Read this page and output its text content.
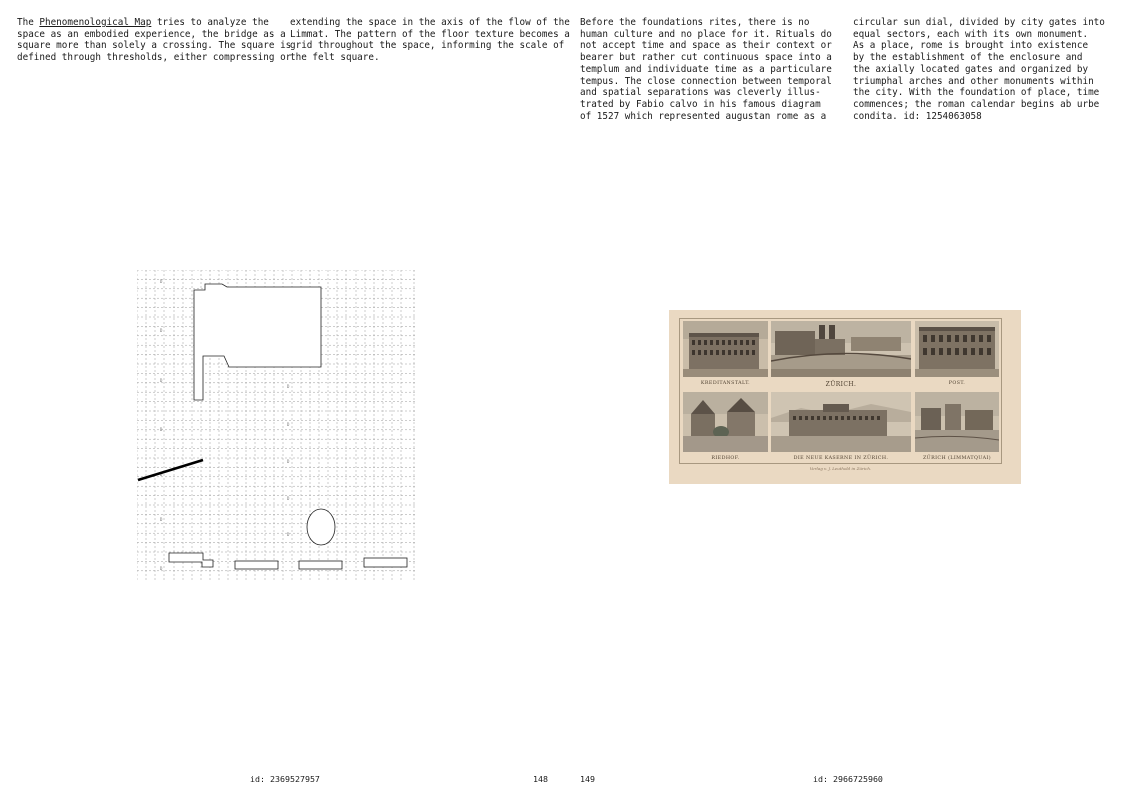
The Phenomenological Map tries to analyze the
space as an embodied experience, the bridge as a
square more than solely a crossing. The square is
defined through thresholds, either compressing or
extending the space in the axis of the flow of the
Limmat. The pattern of the floor texture becomes a
grid throughout the space, informing the scale of
the felt square.
Before the foundations rites, there is no
human culture and no place for it. Rituals do
not accept time and space as their context or
bearer but rather cut continuous space into a
templum and individuate time as a particulare
tempus. The close connection between temporal
and spatial separations was cleverly illus-
trated by Fabio calvo in his famous diagram
of 1527 which represented augustan rome as a
circular sun dial, divided by city gates into
equal sectors, each with its own monument.
As a place, rome is brought into existence
by the establishment of the enclosure and
the axially located gates and organized by
triumphal arches and other monuments within
the city. With the foundation of place, time
commences; the roman calendar begins ab urbe
condita. id: 1254063058
D
D
D
D
D
D
D
D
D
D
D
D
KREDITANSTALT.	ZÜRICH.	POST.
RIEDHOF.	DIE NEUE KASERNE IN ZÜRICH.	ZÜRICH (LIMMATQUAI)
Verlag v. J. Leuthold in Zürich.
id: 2369527957	148	149	id: 2966725960
